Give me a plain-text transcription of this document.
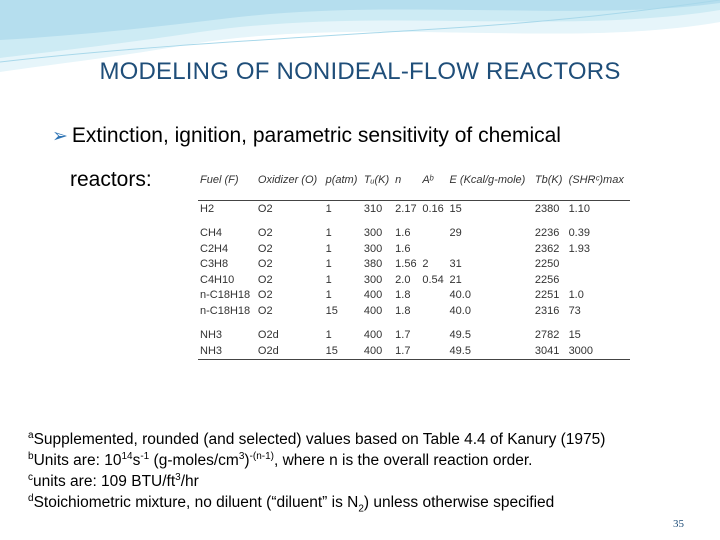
MODELING OF NONIDEAL-FLOW REACTORS
➢ Extinction, ignition, parametric sensitivity of chemical
reactors:	Fuel (F)	Oxidizer (O)	p(atm)	Tᵤ(K)	n	Aᵇ	E (Kcal/g-mole)	Tb(K)	(SHRᶜ)max
H2	O2	1	310	2.17	0.16	15	2380	1.10

CH4	O2	1	300	1.6		29	2236	0.39
C2H4	O2	1	300	1.6			2362	1.93
C3H8	O2	1	380	1.56	2	31	2250	
C4H10	O2	1	300	2.0	0.54	21	2256	
n-C18H18	O2	1	400	1.8		40.0	2251	1.0
n-C18H18	O2	15	400	1.8		40.0	2316	73

NH3	O2d	1	400	1.7		49.5	2782	15
NH3	O2d	15	400	1.7		49.5	3041	3000
$^a$Supplemented, rounded (and selected) values based on Table 4.4 of Kanury (1975)
$^b$Units are: $10^{14}s^{-1}$ $(g-moles/cm^3)^{-(n-1)}$, where n is the overall reaction order.
$^c$units are: 109 BTU/$ft^3/hr$
$^d$Stoichiometric mixture, no diluent (“diluent” is $N_2$) unless otherwise specified
35
